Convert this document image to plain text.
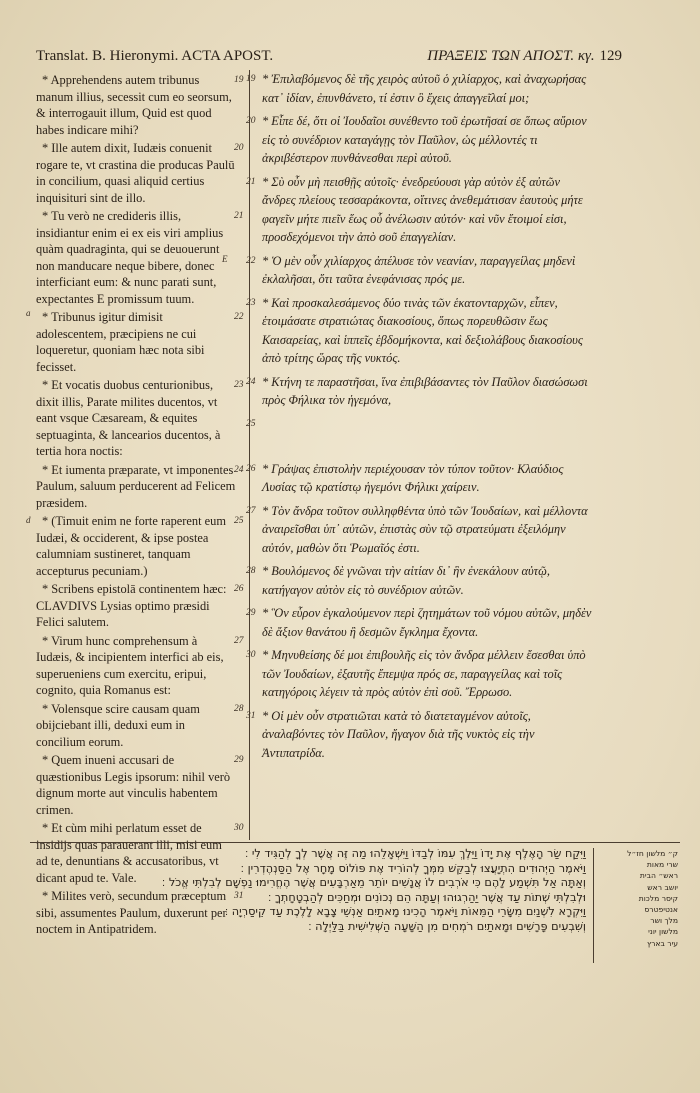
Translat. B. Hieronymi. ACTA APOST.	ΠΡΑΞΕΙΣ ΤΩΝ ΑΠΟΣΤ. κγ. 129

* Apprehendens autem tribunus manum illius, secessit cum eo seorsum, & interrogauit illum, Quid est quod habes indicare mihi?
19

* Ille autem dixit, Iudæis conuenit rogare te, vt crastina die producas Paulū in concilium, quasi aliquid certius inquisituri sint de illo.
20

* Tu verò ne credideris illis, insidiantur enim ei ex eis viri amplius quàm quadraginta, qui se deuouerunt non manducare neque bibere, donec interficiant eum: & nunc parati sunt, expectantes E promissum tuum.
21

* Tribunus igitur dimisit adolescentem, præcipiens ne cui loqueretur, quoniam hæc nota sibi fecisset.
22

* Et vocatis duobus centurionibus, dixit illis, Parate milites ducentos, vt eant vsque Cæsaream, & equites septuaginta, & lancearios ducentos, à tertia hora noctis:
23

* Et iumenta præparate, vt imponentes Paulum, saluum perducerent ad Felicem præsidem.
24

* (Timuit enim ne forte raperent eum Iudæi, & occiderent, & ipse postea calumniam sustineret, tanquam accepturus pecuniam.)
25

* Scribens epistolā continentem hæc: CLAVDIVS Lysias optimo præsidi Felici salutem.
26

* Virum hunc comprehensum à Iudæis, & incipientem interfici ab eis, superueniens cum exercitu, eripui, cognito, quia Romanus est:
27

* Volensque scire causam quam obijciebant illi, deduxi eum in concilium eorum.
28

* Quem inueni accusari de quæstionibus Legis ipsorum: nihil verò dignum morte aut vinculis habentem crimen.
29

* Et cùm mihi perlatum esset de insidijs quas parauerant illi, misi eum ad te, denuntians & accusatoribus, vt dicant apud te. Vale.
30

* Milites verò, secundum præceptum sibi, assumentes Paulum, duxerunt per noctem in Antipatridem.
31

* Ἐπιλαβόμενος δὲ τῆς χειρὸς αὐτοῦ ὁ χιλίαρχος, καὶ ἀναχωρήσας κατ᾽ ἰδίαν, ἐπυνθάνετο, τί ἐστιν ὃ ἔχεις ἀπαγγεῖλαί μοι;
19

* Εἶπε δέ, ὅτι οἱ Ἰουδαῖοι συνέθεντο τοῦ ἐρωτῆσαί σε ὅπως αὔριον εἰς τὸ συνέδριον καταγάγῃς τὸν Παῦλον, ὡς μέλλοντές τι ἀκριβέστερον πυνθάνεσθαι περὶ αὐτοῦ.
20

* Σὺ οὖν μὴ πεισθῇς αὐτοῖς· ἐνεδρεύουσι γὰρ αὐτὸν ἐξ αὐτῶν ἄνδρες πλείους τεσσαράκοντα, οἵτινες ἀνεθεμάτισαν ἑαυτοὺς μήτε φαγεῖν μήτε πιεῖν ἕως οὗ ἀνέλωσιν αὐτόν· καὶ νῦν ἕτοιμοί εἰσι, προσδεχόμενοι τὴν ἀπὸ σοῦ ἐπαγγελίαν.
21

* Ὁ μὲν οὖν χιλίαρχος ἀπέλυσε τὸν νεανίαν, παραγγείλας μηδενὶ ἐκλαλῆσαι, ὅτι ταῦτα ἐνεφάνισας πρός με.
22

* Καὶ προσκαλεσάμενος δύο τινὰς τῶν ἑκατονταρχῶν, εἶπεν, ἑτοιμάσατε στρατιώτας διακοσίους, ὅπως πορευθῶσιν ἕως Καισαρείας, καὶ ἱππεῖς ἑβδομήκοντα, καὶ δεξιολάβους διακοσίους ἀπὸ τρίτης ὥρας τῆς νυκτός.
23

* Κτήνη τε παραστῆσαι, ἵνα ἐπιβιβάσαντες τὸν Παῦλον διασώσωσι πρὸς Φήλικα τὸν ἡγεμόνα,
24

25

* Γράψας ἐπιστολὴν περιέχουσαν τὸν τύπον τοῦτον· Κλαύδιος Λυσίας τῷ κρατίστῳ ἡγεμόνι Φήλικι χαίρειν.
26

* Τὸν ἄνδρα τοῦτον συλληφθέντα ὑπὸ τῶν Ἰουδαίων, καὶ μέλλοντα ἀναιρεῖσθαι ὑπ᾽ αὐτῶν, ἐπιστὰς σὺν τῷ στρατεύματι ἐξειλόμην αὐτόν, μαθὼν ὅτι Ῥωμαῖός ἐστι.
27

* Βουλόμενος δὲ γνῶναι τὴν αἰτίαν δι᾽ ἣν ἐνεκάλουν αὐτῷ, κατήγαγον αὐτὸν εἰς τὸ συνέδριον αὐτῶν.
28

* Ὃν εὗρον ἐγκαλούμενον περὶ ζητημάτων τοῦ νόμου αὐτῶν, μηδὲν δὲ ἄξιον θανάτου ἢ δεσμῶν ἔγκλημα ἔχοντα.
29

* Μηνυθείσης δέ μοι ἐπιβουλῆς εἰς τὸν ἄνδρα μέλλειν ἔσεσθαι ὑπὸ τῶν Ἰουδαίων, ἐξαυτῆς ἔπεμψα πρός σε, παραγγείλας καὶ τοῖς κατηγόροις λέγειν τὰ πρὸς αὐτὸν ἐπὶ σοῦ. Ἔρρωσο.
30

* Οἱ μὲν οὖν στρατιῶται κατὰ τὸ διατεταγμένον αὐτοῖς, ἀναλαβόντες τὸν Παῦλον, ἤγαγον διὰ τῆς νυκτὸς εἰς τὴν Ἀντιπατρίδα.
31

a
d

וַיִּקַח שַׂר הָאֶלֶף אֶת יָדוֹ וַיֵּלֶךְ עִמּוֹ לְבַדּוֹ וַיִּשְׁאָלֵהוּ מַה זֶּה אֲשֶׁר לְךָ לְהַגִּיד לִי ׃

וַיֹּאמֶר הַיְּהוּדִים הִתְיָעֲצוּ לְבַקֵּשׁ מִמְּךָ לְהוֹרִיד אֶת פּוֹלוֹס מָחָר אֶל הַסַּנְהֶדְרִין ׃

וְאַתָּה אַל תִּשְׁמַע לָהֶם כִּי אֹרְבִים לוֹ אֲנָשִׁים יוֹתֵר מֵאַרְבָּעִים אֲשֶׁר הֶחֱרִימוּ נַפְשָׁם לְבִלְתִּי אֱכֹל ׃

וּלְבִלְתִּי שְׁתוֹת עַד אֲשֶׁר יַהַרְגוּהוּ וְעַתָּה הֵם נְכוֹנִים וּמְחַכִּים לְהַבְטָחָתְךָ ׃

וַיִּקְרָא לִשְׁנַיִם מִשָּׂרֵי הַמֵּאוֹת וַיֹּאמֶר הָכִינוּ מָאתַיִם אַנְשֵׁי צָבָא לָלֶכֶת עַד קֵיסַרְיָה ׃

וְשִׁבְעִים פָּרָשִׁים וּמָאתַיִם רֹמְחִים מִן הַשָּׁעָה הַשְּׁלִישִׁית בַּלַּיְלָה ׃

ק״ מלשון חז״ל

שרי מאות

ראש״ הבית

יושב ראש

קיסר מלכות

אנטיפטרס

מלך ושר

מלשון יוני

עיר בארץ

E
